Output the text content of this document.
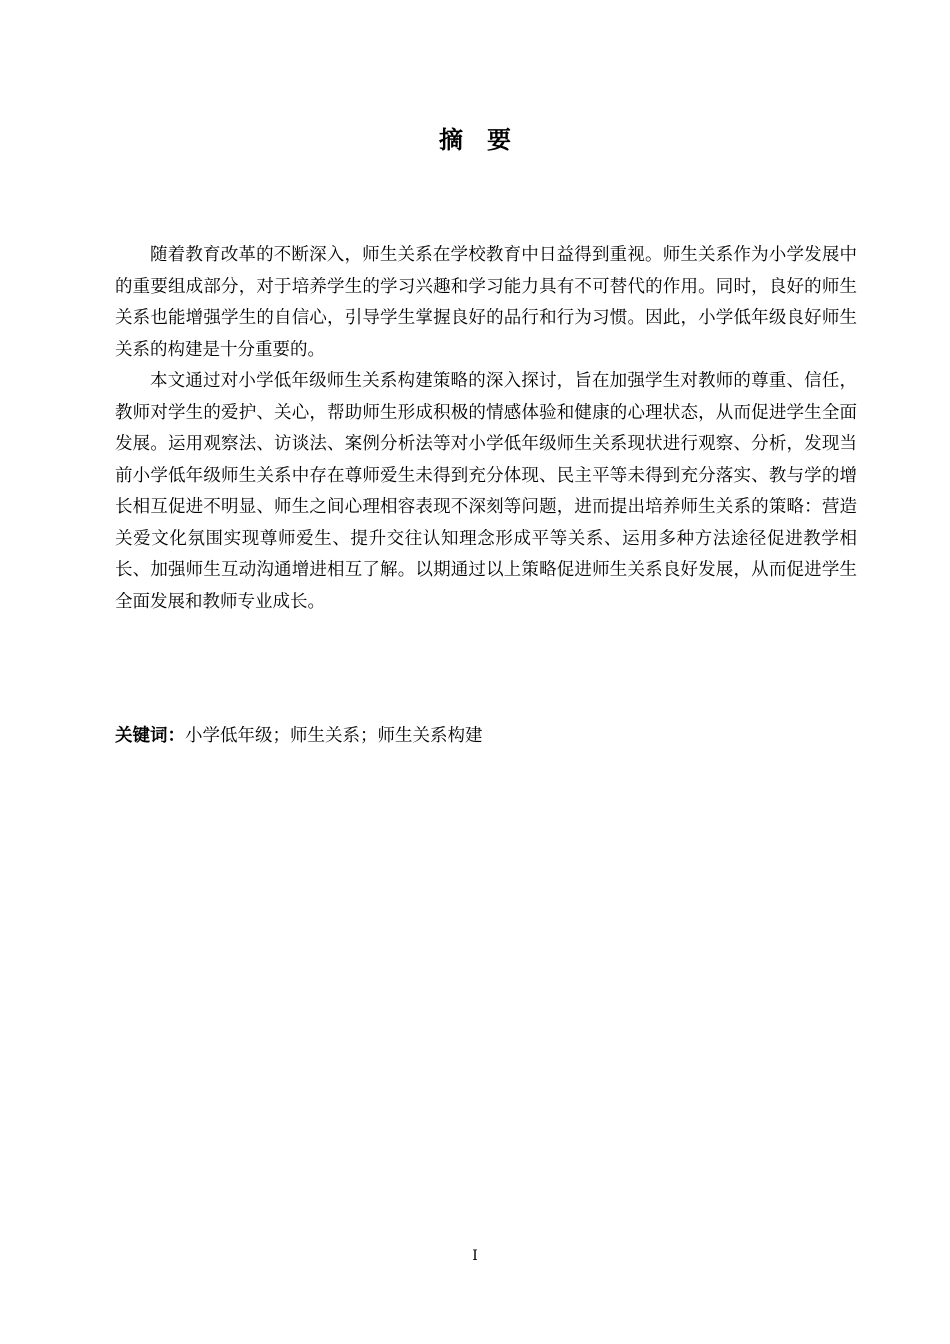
摘　要

随着教育改革的不断深入，师生关系在学校教育中日益得到重视。师生关系作为小学发展中的重要组成部分，对于培养学生的学习兴趣和学习能力具有不可替代的作用。同时，良好的师生关系也能增强学生的自信心，引导学生掌握良好的品行和行为习惯。因此，小学低年级良好师生关系的构建是十分重要的。

本文通过对小学低年级师生关系构建策略的深入探讨，旨在加强学生对教师的尊重、信任，教师对学生的爱护、关心，帮助师生形成积极的情感体验和健康的心理状态，从而促进学生全面发展。运用观察法、访谈法、案例分析法等对小学低年级师生关系现状进行观察、分析，发现当前小学低年级师生关系中存在尊师爱生未得到充分体现、民主平等未得到充分落实、教与学的增长相互促进不明显、师生之间心理相容表现不深刻等问题，进而提出培养师生关系的策略：营造关爱文化氛围实现尊师爱生、提升交往认知理念形成平等关系、运用多种方法途径促进教学相长、加强师生互动沟通增进相互了解。以期通过以上策略促进师生关系良好发展，从而促进学生全面发展和教师专业成长。

关键词：小学低年级；师生关系；师生关系构建
I
